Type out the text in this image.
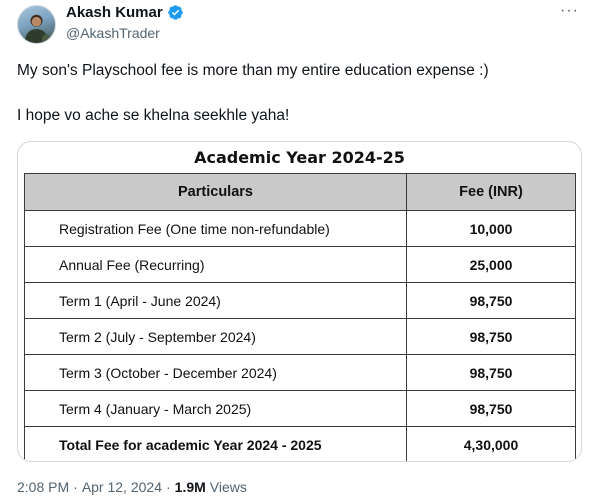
Akash Kumar
@AkashTrader
···
My son's Playschool fee is more than my entire education expense :)
I hope vo ache se khelna seekhle yaha!
Academic Year 2024-25
Particulars	Fee (INR)
Registration Fee (One time non-refundable)	10,000
Annual Fee (Recurring)	25,000
Term 1 (April - June 2024)	98,750
Term 2 (July - September 2024)	98,750
Term 3 (October - December 2024)	98,750
Term 4 (January - March 2025)	98,750
Total Fee for academic Year 2024 - 2025	4,30,000
2:08 PM · Apr 12, 2024 · 1.9M Views
